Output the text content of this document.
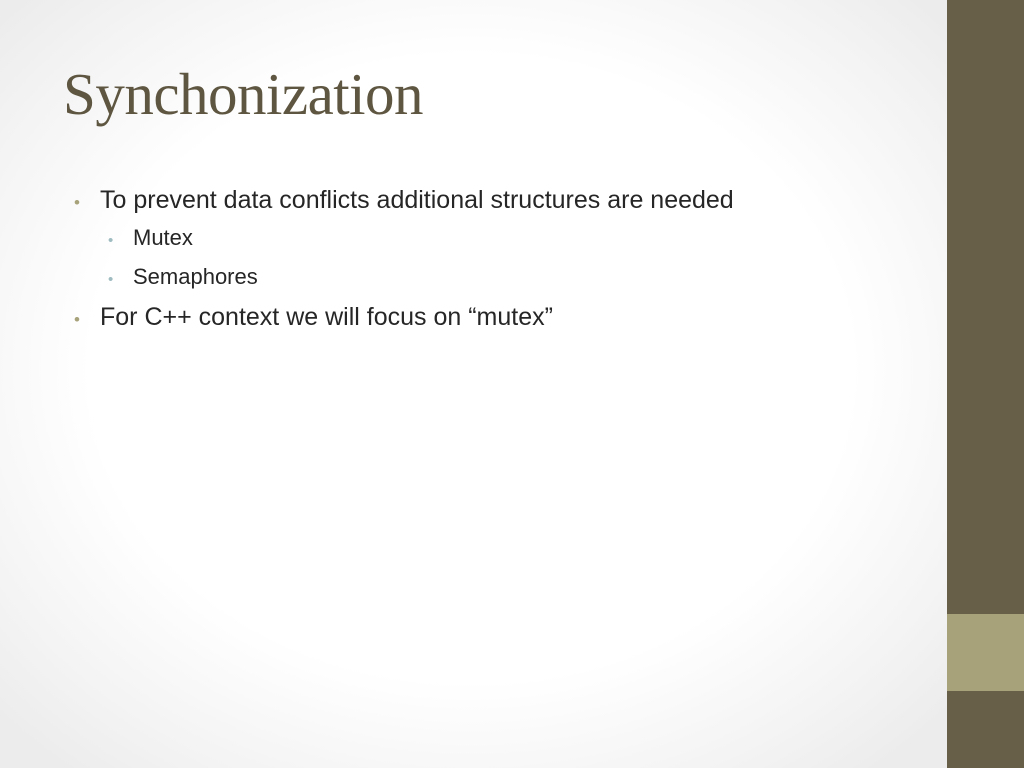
Synchonization
• To prevent data conflicts additional structures are needed
• Mutex
• Semaphores
• For C++ context we will focus on “mutex”
